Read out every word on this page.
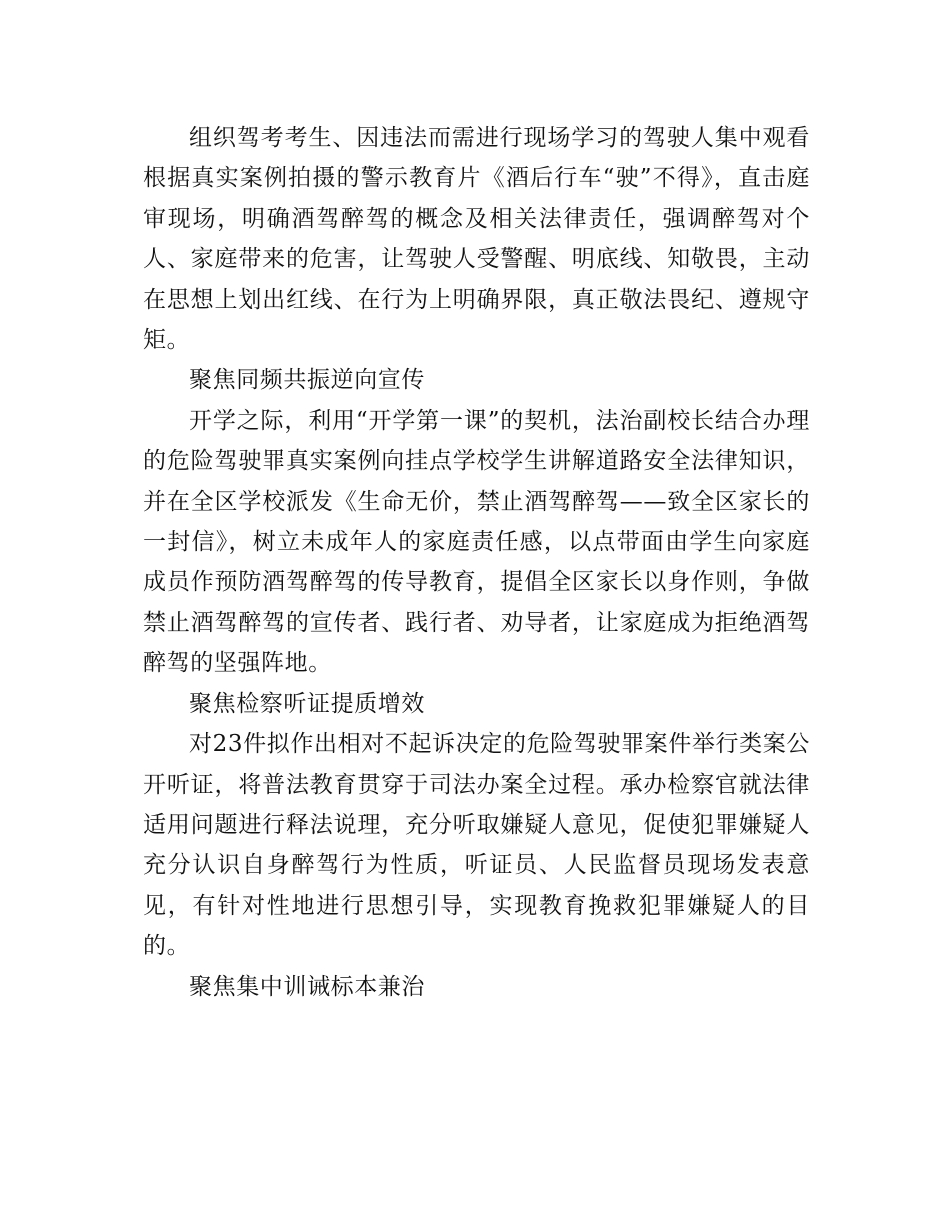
组织驾考考生、因违法而需进行现场学习的驾驶人集中观看根据真实案例拍摄的警示教育片《酒后行车“驶”不得》，直击庭审现场，明确酒驾醉驾的概念及相关法律责任，强调醉驾对个人、家庭带来的危害，让驾驶人受警醒、明底线、知敬畏，主动在思想上划出红线、在行为上明确界限，真正敬法畏纪、遵规守矩。

聚焦同频共振逆向宣传

开学之际，利用“开学第一课”的契机，法治副校长结合办理的危险驾驶罪真实案例向挂点学校学生讲解道路安全法律知识，并在全区学校派发《生命无价，禁止酒驾醉驾——致全区家长的一封信》，树立未成年人的家庭责任感，以点带面由学生向家庭成员作预防酒驾醉驾的传导教育，提倡全区家长以身作则，争做禁止酒驾醉驾的宣传者、践行者、劝导者，让家庭成为拒绝酒驾醉驾的坚强阵地。

聚焦检察听证提质增效

对23件拟作出相对不起诉决定的危险驾驶罪案件举行类案公开听证，将普法教育贯穿于司法办案全过程。承办检察官就法律适用问题进行释法说理，充分听取嫌疑人意见，促使犯罪嫌疑人充分认识自身醉驾行为性质，听证员、人民监督员现场发表意见，有针对性地进行思想引导，实现教育挽救犯罪嫌疑人的目的。

聚焦集中训诫标本兼治
